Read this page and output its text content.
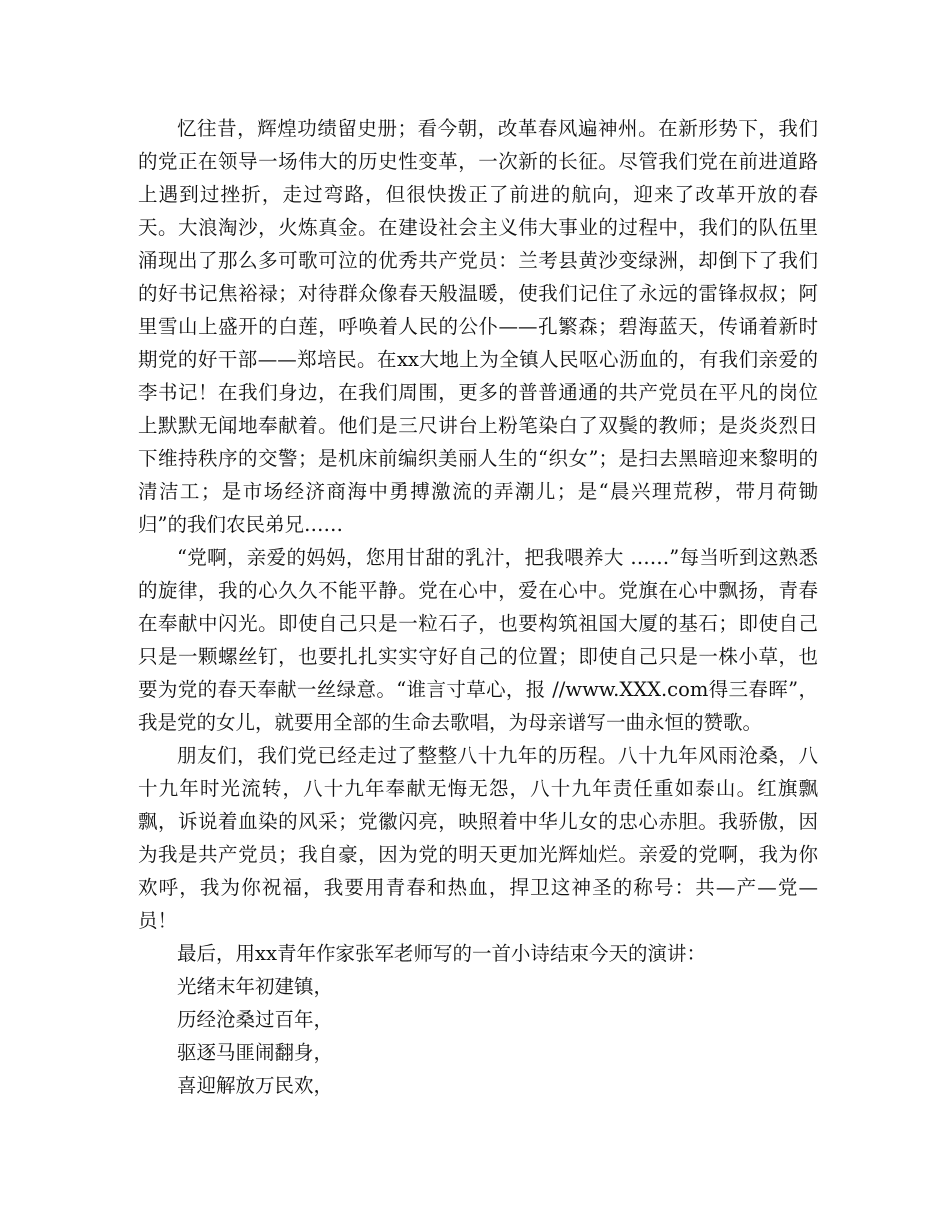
忆往昔，辉煌功绩留史册；看今朝，改革春风遍神州。在新形势下，我们的党正在领导一场伟大的历史性变革，一次新的长征。尽管我们党在前进道路上遇到过挫折，走过弯路，但很快拨正了前进的航向，迎来了改革开放的春天。大浪淘沙，火炼真金。在建设社会主义伟大事业的过程中，我们的队伍里涌现出了那么多可歌可泣的优秀共产党员：兰考县黄沙变绿洲，却倒下了我们的好书记焦裕禄；对待群众像春天般温暖，使我们记住了永远的雷锋叔叔；阿里雪山上盛开的白莲，呼唤着人民的公仆——孔繁森；碧海蓝天，传诵着新时期党的好干部——郑培民。在xx大地上为全镇人民呕心沥血的，有我们亲爱的李书记！在我们身边，在我们周围，更多的普普通通的共产党员在平凡的岗位上默默无闻地奉献着。他们是三尺讲台上粉笔染白了双鬓的教师；是炎炎烈日下维持秩序的交警；是机床前编织美丽人生的“织女”；是扫去黑暗迎来黎明的清洁工；是市场经济商海中勇搏激流的弄潮儿；是“晨兴理荒秽，带月荷锄归”的我们农民弟兄……

“党啊，亲爱的妈妈，您用甘甜的乳汁，把我喂养大 ……”每当听到这熟悉的旋律，我的心久久不能平静。党在心中，爱在心中。党旗在心中飘扬，青春在奉献中闪光。即使自己只是一粒石子，也要构筑祖国大厦的基石；即使自己只是一颗螺丝钉，也要扎扎实实守好自己的位置；即使自己只是一株小草，也要为党的春天奉献一丝绿意。“谁言寸草心，报 //www.XXX.com得三春晖”，我是党的女儿，就要用全部的生命去歌唱，为母亲谱写一曲永恒的赞歌。

朋友们，我们党已经走过了整整八十九年的历程。八十九年风雨沧桑，八十九年时光流转，八十九年奉献无悔无怨，八十九年责任重如泰山。红旗飘飘，诉说着血染的风采；党徽闪亮，映照着中华儿女的忠心赤胆。我骄傲，因为我是共产党员；我自豪，因为党的明天更加光辉灿烂。亲爱的党啊，我为你欢呼，我为你祝福，我要用青春和热血，捍卫这神圣的称号：共—产—党—员！

最后，用xx青年作家张军老师写的一首小诗结束今天的演讲：

光绪末年初建镇，

历经沧桑过百年，

驱逐马匪闹翻身，

喜迎解放万民欢，
